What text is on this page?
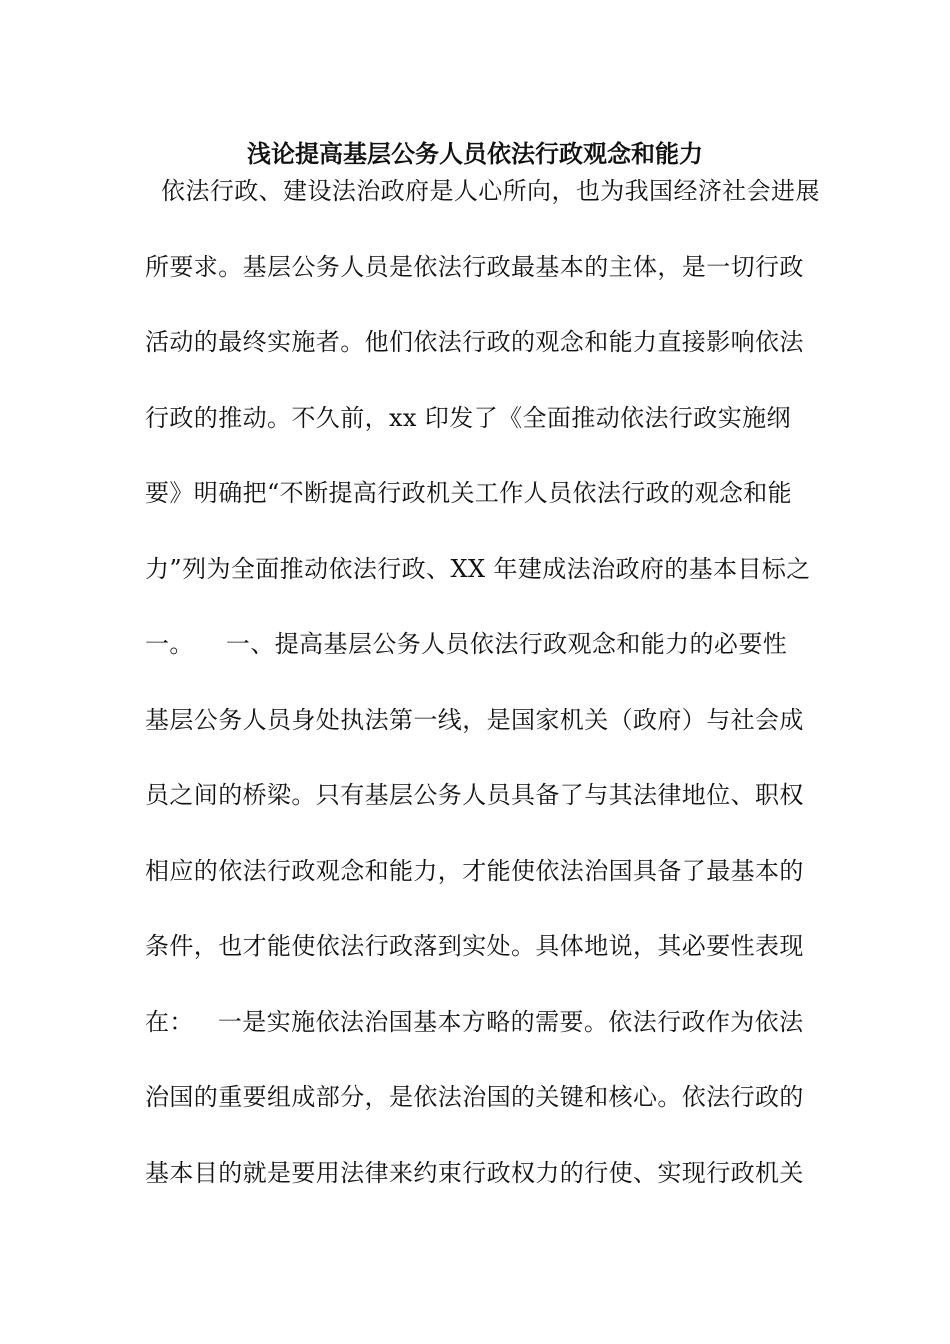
浅论提高基层公务人员依法行政观念和能力
依法行政、建设法治政府是人心所向，也为我国经济社会进展
所要求。基层公务人员是依法行政最基本的主体，是一切行政
活动的最终实施者。他们依法行政的观念和能力直接影响依法
行政的推动。不久前，xx 印发了《全面推动依法行政实施纲
要》明确把“不断提高行政机关工作人员依法行政的观念和能
力”列为全面推动依法行政、XX 年建成法治政府的基本目标之
一。    一、提高基层公务人员依法行政观念和能力的必要性
基层公务人员身处执法第一线，是国家机关（政府）与社会成
员之间的桥梁。只有基层公务人员具备了与其法律地位、职权
相应的依法行政观念和能力，才能使依法治国具备了最基本的
条件，也才能使依法行政落到实处。具体地说，其必要性表现
在：   一是实施依法治国基本方略的需要。依法行政作为依法
治国的重要组成部分，是依法治国的关键和核心。依法行政的
基本目的就是要用法律来约束行政权力的行使、实现行政机关
